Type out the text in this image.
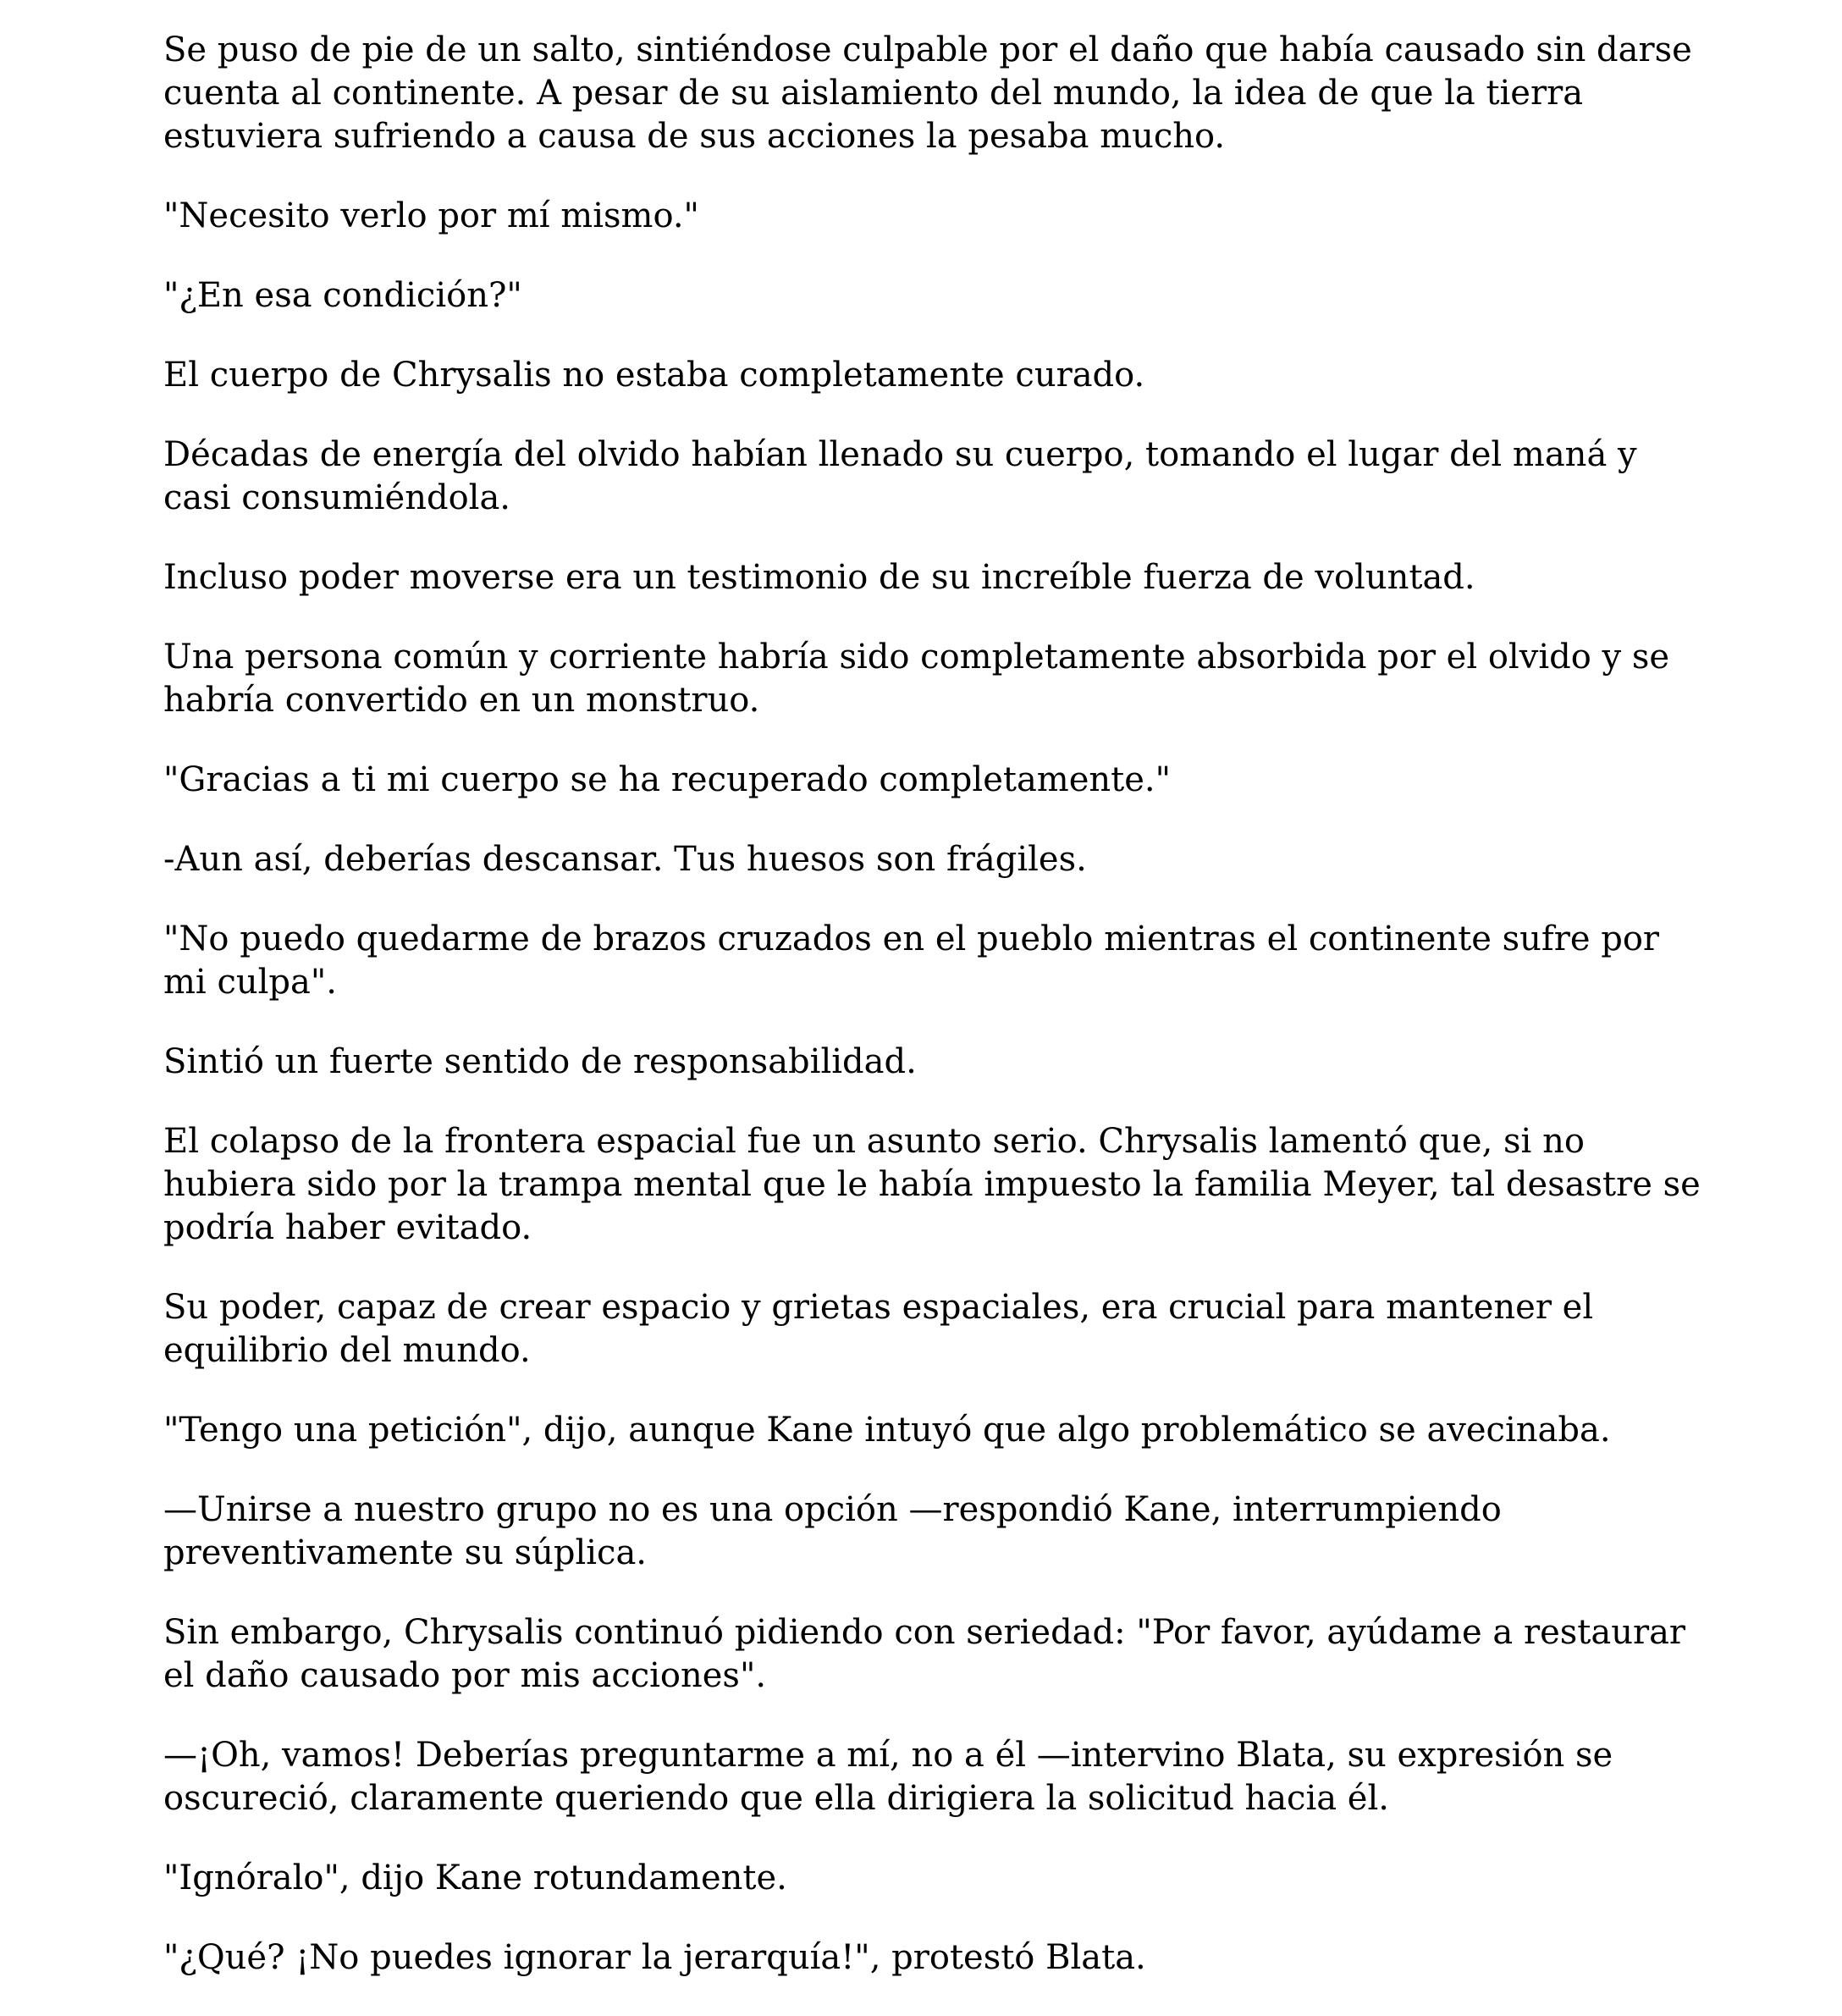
Se puso de pie de un salto, sintiéndose culpable por el daño que había causado sin darse cuenta al continente. A pesar de su aislamiento del mundo, la idea de que la tierra estuviera sufriendo a causa de sus acciones la pesaba mucho.

"Necesito verlo por mí mismo."

"¿En esa condición?"

El cuerpo de Chrysalis no estaba completamente curado.

Décadas de energía del olvido habían llenado su cuerpo, tomando el lugar del maná y casi consumiéndola.

Incluso poder moverse era un testimonio de su increíble fuerza de voluntad.

Una persona común y corriente habría sido completamente absorbida por el olvido y se habría convertido en un monstruo.

"Gracias a ti mi cuerpo se ha recuperado completamente."

-Aun así, deberías descansar. Tus huesos son frágiles.

"No puedo quedarme de brazos cruzados en el pueblo mientras el continente sufre por mi culpa".

Sintió un fuerte sentido de responsabilidad.

El colapso de la frontera espacial fue un asunto serio. Chrysalis lamentó que, si no hubiera sido por la trampa mental que le había impuesto la familia Meyer, tal desastre se podría haber evitado.

Su poder, capaz de crear espacio y grietas espaciales, era crucial para mantener el equilibrio del mundo.

"Tengo una petición", dijo, aunque Kane intuyó que algo problemático se avecinaba.

—Unirse a nuestro grupo no es una opción —respondió Kane, interrumpiendo preventivamente su súplica.

Sin embargo, Chrysalis continuó pidiendo con seriedad: "Por favor, ayúdame a restaurar el daño causado por mis acciones".

—¡Oh, vamos! Deberías preguntarme a mí, no a él —intervino Blata, su expresión se oscureció, claramente queriendo que ella dirigiera la solicitud hacia él.

"Ignóralo", dijo Kane rotundamente.

"¿Qué? ¡No puedes ignorar la jerarquía!", protestó Blata.
